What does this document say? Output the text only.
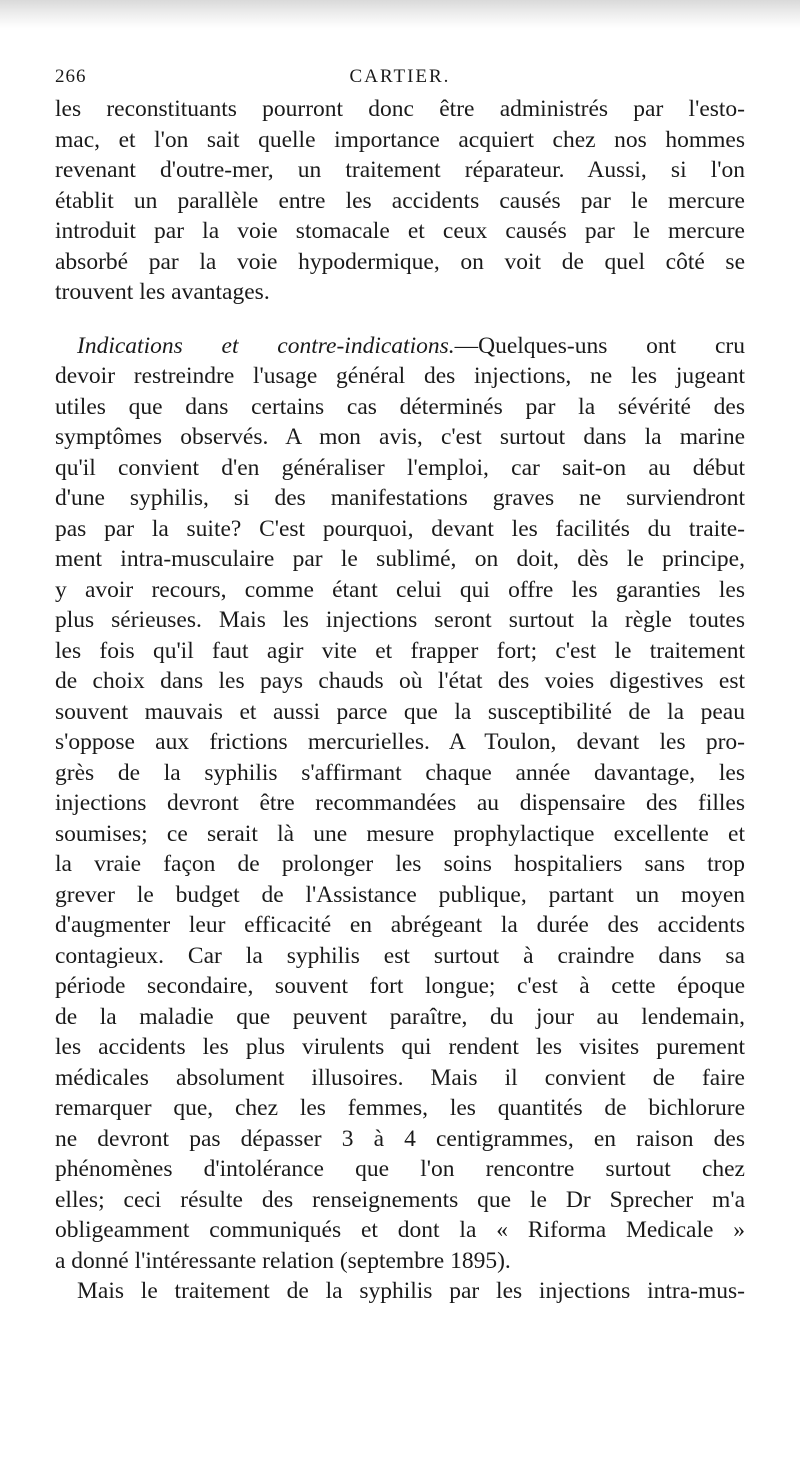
266	CARTIER.
les reconstituants pourront donc être administrés par l'esto-
mac, et l'on sait quelle importance acquiert chez nos hommes
revenant d'outre-mer, un traitement réparateur. Aussi, si l'on
établit un parallèle entre les accidents causés par le mercure
introduit par la voie stomacale et ceux causés par le mercure
absorbé par la voie hypodermique, on voit de quel côté se
trouvent les avantages.
Indications et contre-indications.—Quelques-uns ont cru
devoir restreindre l'usage général des injections, ne les jugeant
utiles que dans certains cas déterminés par la sévérité des
symptômes observés. A mon avis, c'est surtout dans la marine
qu'il convient d'en généraliser l'emploi, car sait-on au début
d'une syphilis, si des manifestations graves ne surviendront
pas par la suite? C'est pourquoi, devant les facilités du traite-
ment intra-musculaire par le sublimé, on doit, dès le principe,
y avoir recours, comme étant celui qui offre les garanties les
plus sérieuses. Mais les injections seront surtout la règle toutes
les fois qu'il faut agir vite et frapper fort; c'est le traitement
de choix dans les pays chauds où l'état des voies digestives est
souvent mauvais et aussi parce que la susceptibilité de la peau
s'oppose aux frictions mercurielles. A Toulon, devant les pro-
grès de la syphilis s'affirmant chaque année davantage, les
injections devront être recommandées au dispensaire des filles
soumises; ce serait là une mesure prophylactique excellente et
la vraie façon de prolonger les soins hospitaliers sans trop
grever le budget de l'Assistance publique, partant un moyen
d'augmenter leur efficacité en abrégeant la durée des accidents
contagieux. Car la syphilis est surtout à craindre dans sa
période secondaire, souvent fort longue; c'est à cette époque
de la maladie que peuvent paraître, du jour au lendemain,
les accidents les plus virulents qui rendent les visites purement
médicales absolument illusoires. Mais il convient de faire
remarquer que, chez les femmes, les quantités de bichlorure
ne devront pas dépasser 3 à 4 centigrammes, en raison des
phénomènes d'intolérance que l'on rencontre surtout chez
elles; ceci résulte des renseignements que le Dr Sprecher m'a
obligeamment communiqués et dont la « Riforma Medicale »
a donné l'intéressante relation (septembre 1895).
Mais le traitement de la syphilis par les injections intra-mus-
